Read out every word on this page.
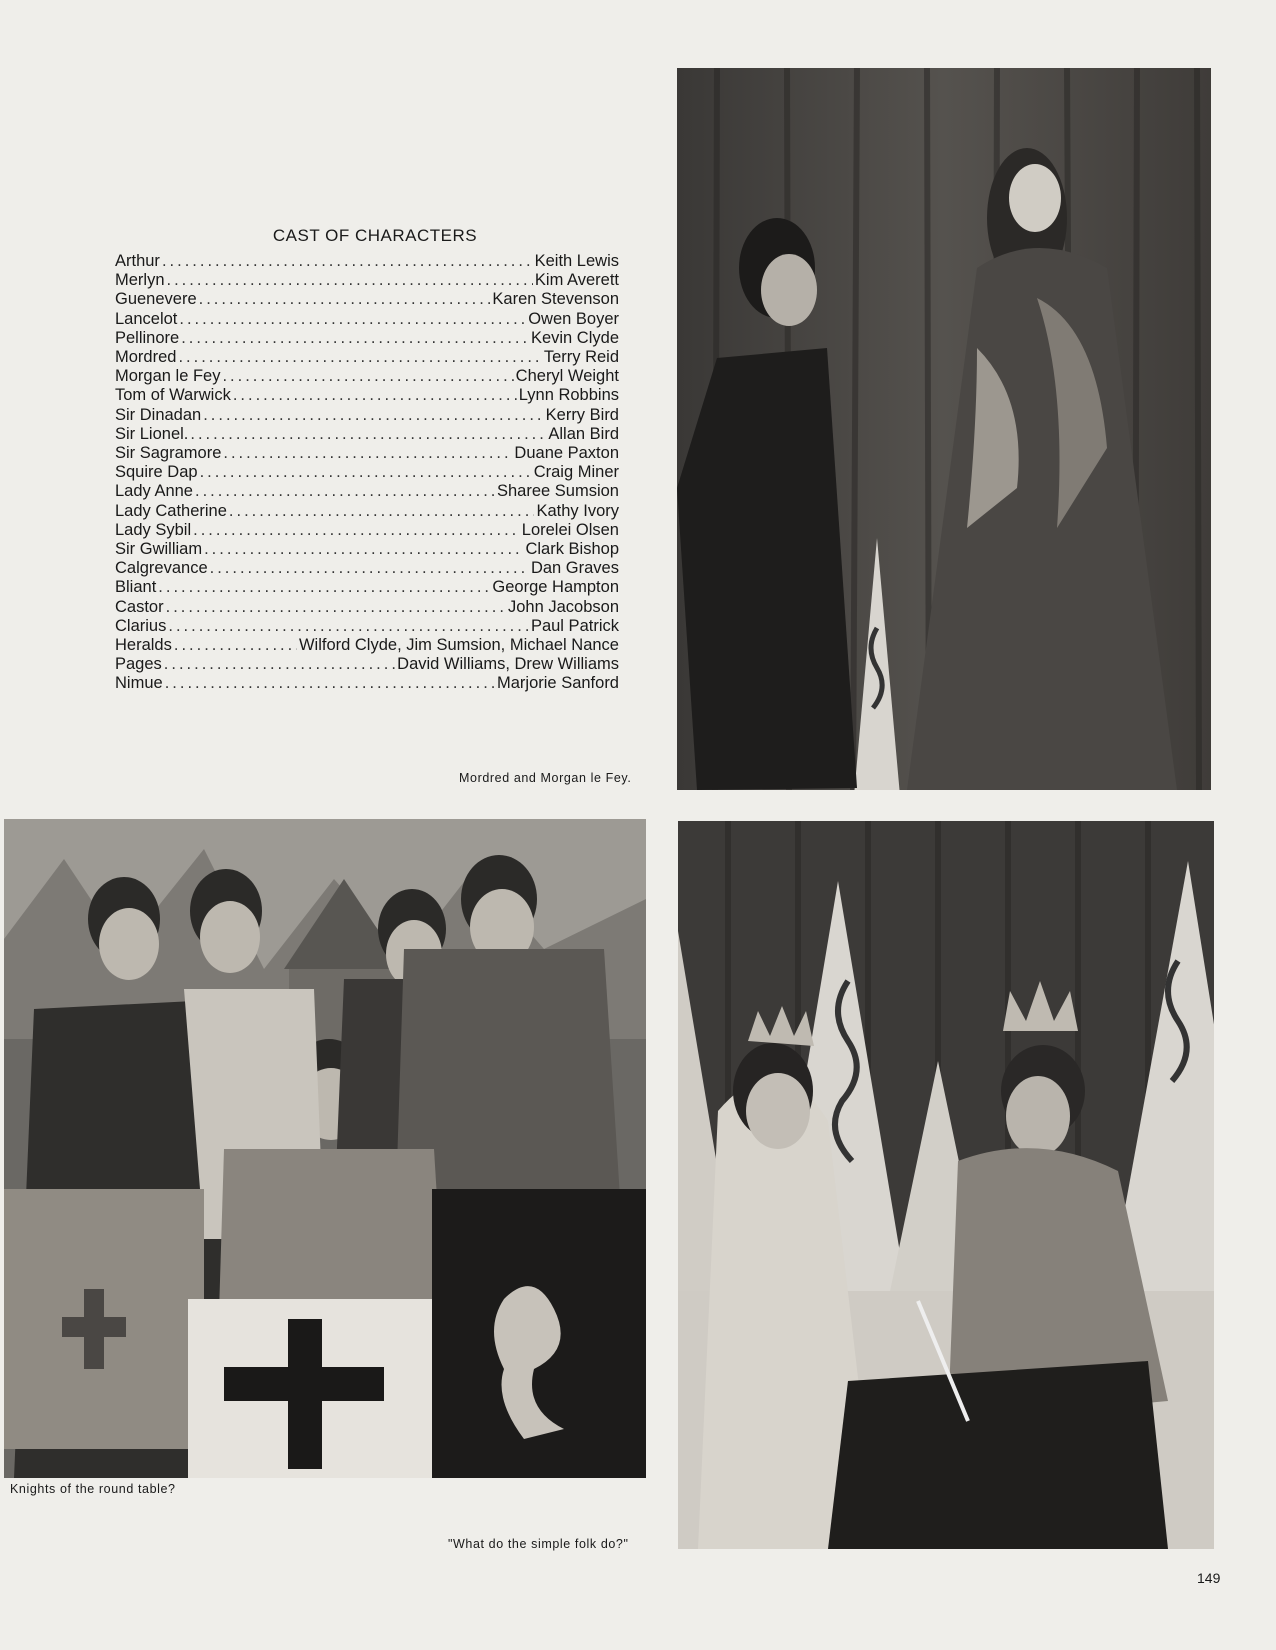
CAST OF CHARACTERS
Arthur .....	Keith Lewis
Merlyn .....	Kim Averett
Guenevere .....	Karen Stevenson
Lancelot .....	Owen Boyer
Pellinore .....	Kevin Clyde
Mordred .....	Terry Reid
Morgan le Fey .....	Cheryl Weight
Tom of Warwick .....	Lynn Robbins
Sir Dinadan .....	Kerry Bird
Sir Lionel. .....	Allan Bird
Sir Sagramore .....	Duane Paxton
Squire Dap .....	Craig Miner
Lady Anne .....	Sharee Sumsion
Lady Catherine .....	Kathy Ivory
Lady Sybil .....	Lorelei Olsen
Sir Gwilliam .....	Clark Bishop
Calgrevance .....	Dan Graves
Bliant .....	George Hampton
Castor .....	John Jacobson
Clarius .....	Paul Patrick
Heralds .....	Wilford Clyde, Jim Sumsion, Michael Nance
Pages .....	David Williams, Drew Williams
Nimue .....	Marjorie Sanford
Mordred and Morgan le Fey.
Knights of the round table?
"What do the simple folk do?"
149
